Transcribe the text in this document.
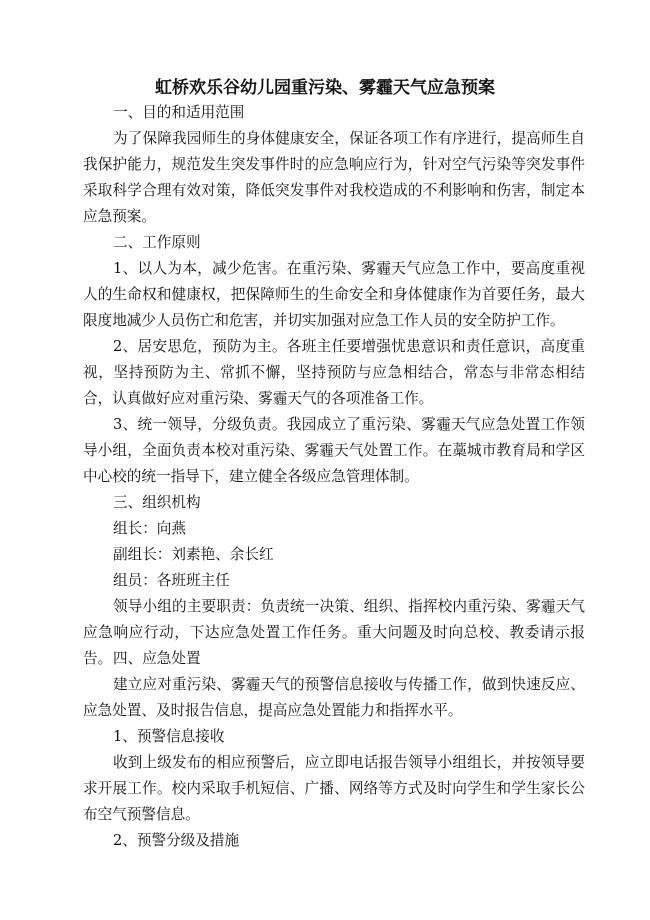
虹桥欢乐谷幼儿园重污染、雾霾天气应急预案
一、目的和适用范围
为了保障我园师生的身体健康安全，保证各项工作有序进行，提高师生自我保护能力，规范发生突发事件时的应急响应行为，针对空气污染等突发事件采取科学合理有效对策，降低突发事件对我校造成的不利影响和伤害，制定本应急预案。
二、工作原则
1、以人为本，减少危害。在重污染、雾霾天气应急工作中，要高度重视人的生命权和健康权，把保障师生的生命安全和身体健康作为首要任务，最大限度地减少人员伤亡和危害，并切实加强对应急工作人员的安全防护工作。
2、居安思危，预防为主。各班主任要增强忧患意识和责任意识，高度重视，坚持预防为主、常抓不懈，坚持预防与应急相结合，常态与非常态相结合，认真做好应对重污染、雾霾天气的各项准备工作。
3、统一领导，分级负责。我园成立了重污染、雾霾天气应急处置工作领导小组，全面负责本校对重污染、雾霾天气处置工作。在藁城市教育局和学区中心校的统一指导下，建立健全各级应急管理体制。
三、组织机构
组长：向燕
副组长：刘素艳、余长红
组员：各班班主任
领导小组的主要职责：负责统一决策、组织、指挥校内重污染、雾霾天气应急响应行动，下达应急处置工作任务。重大问题及时向总校、教委请示报告。 四、应急处置
建立应对重污染、雾霾天气的预警信息接收与传播工作，做到快速反应、应急处置、及时报告信息，提高应急处置能力和指挥水平。
1、预警信息接收
收到上级发布的相应预警后，应立即电话报告领导小组组长，并按领导要求开展工作。校内采取手机短信、广播、网络等方式及时向学生和学生家长公布空气预警信息。
2、预警分级及措施
